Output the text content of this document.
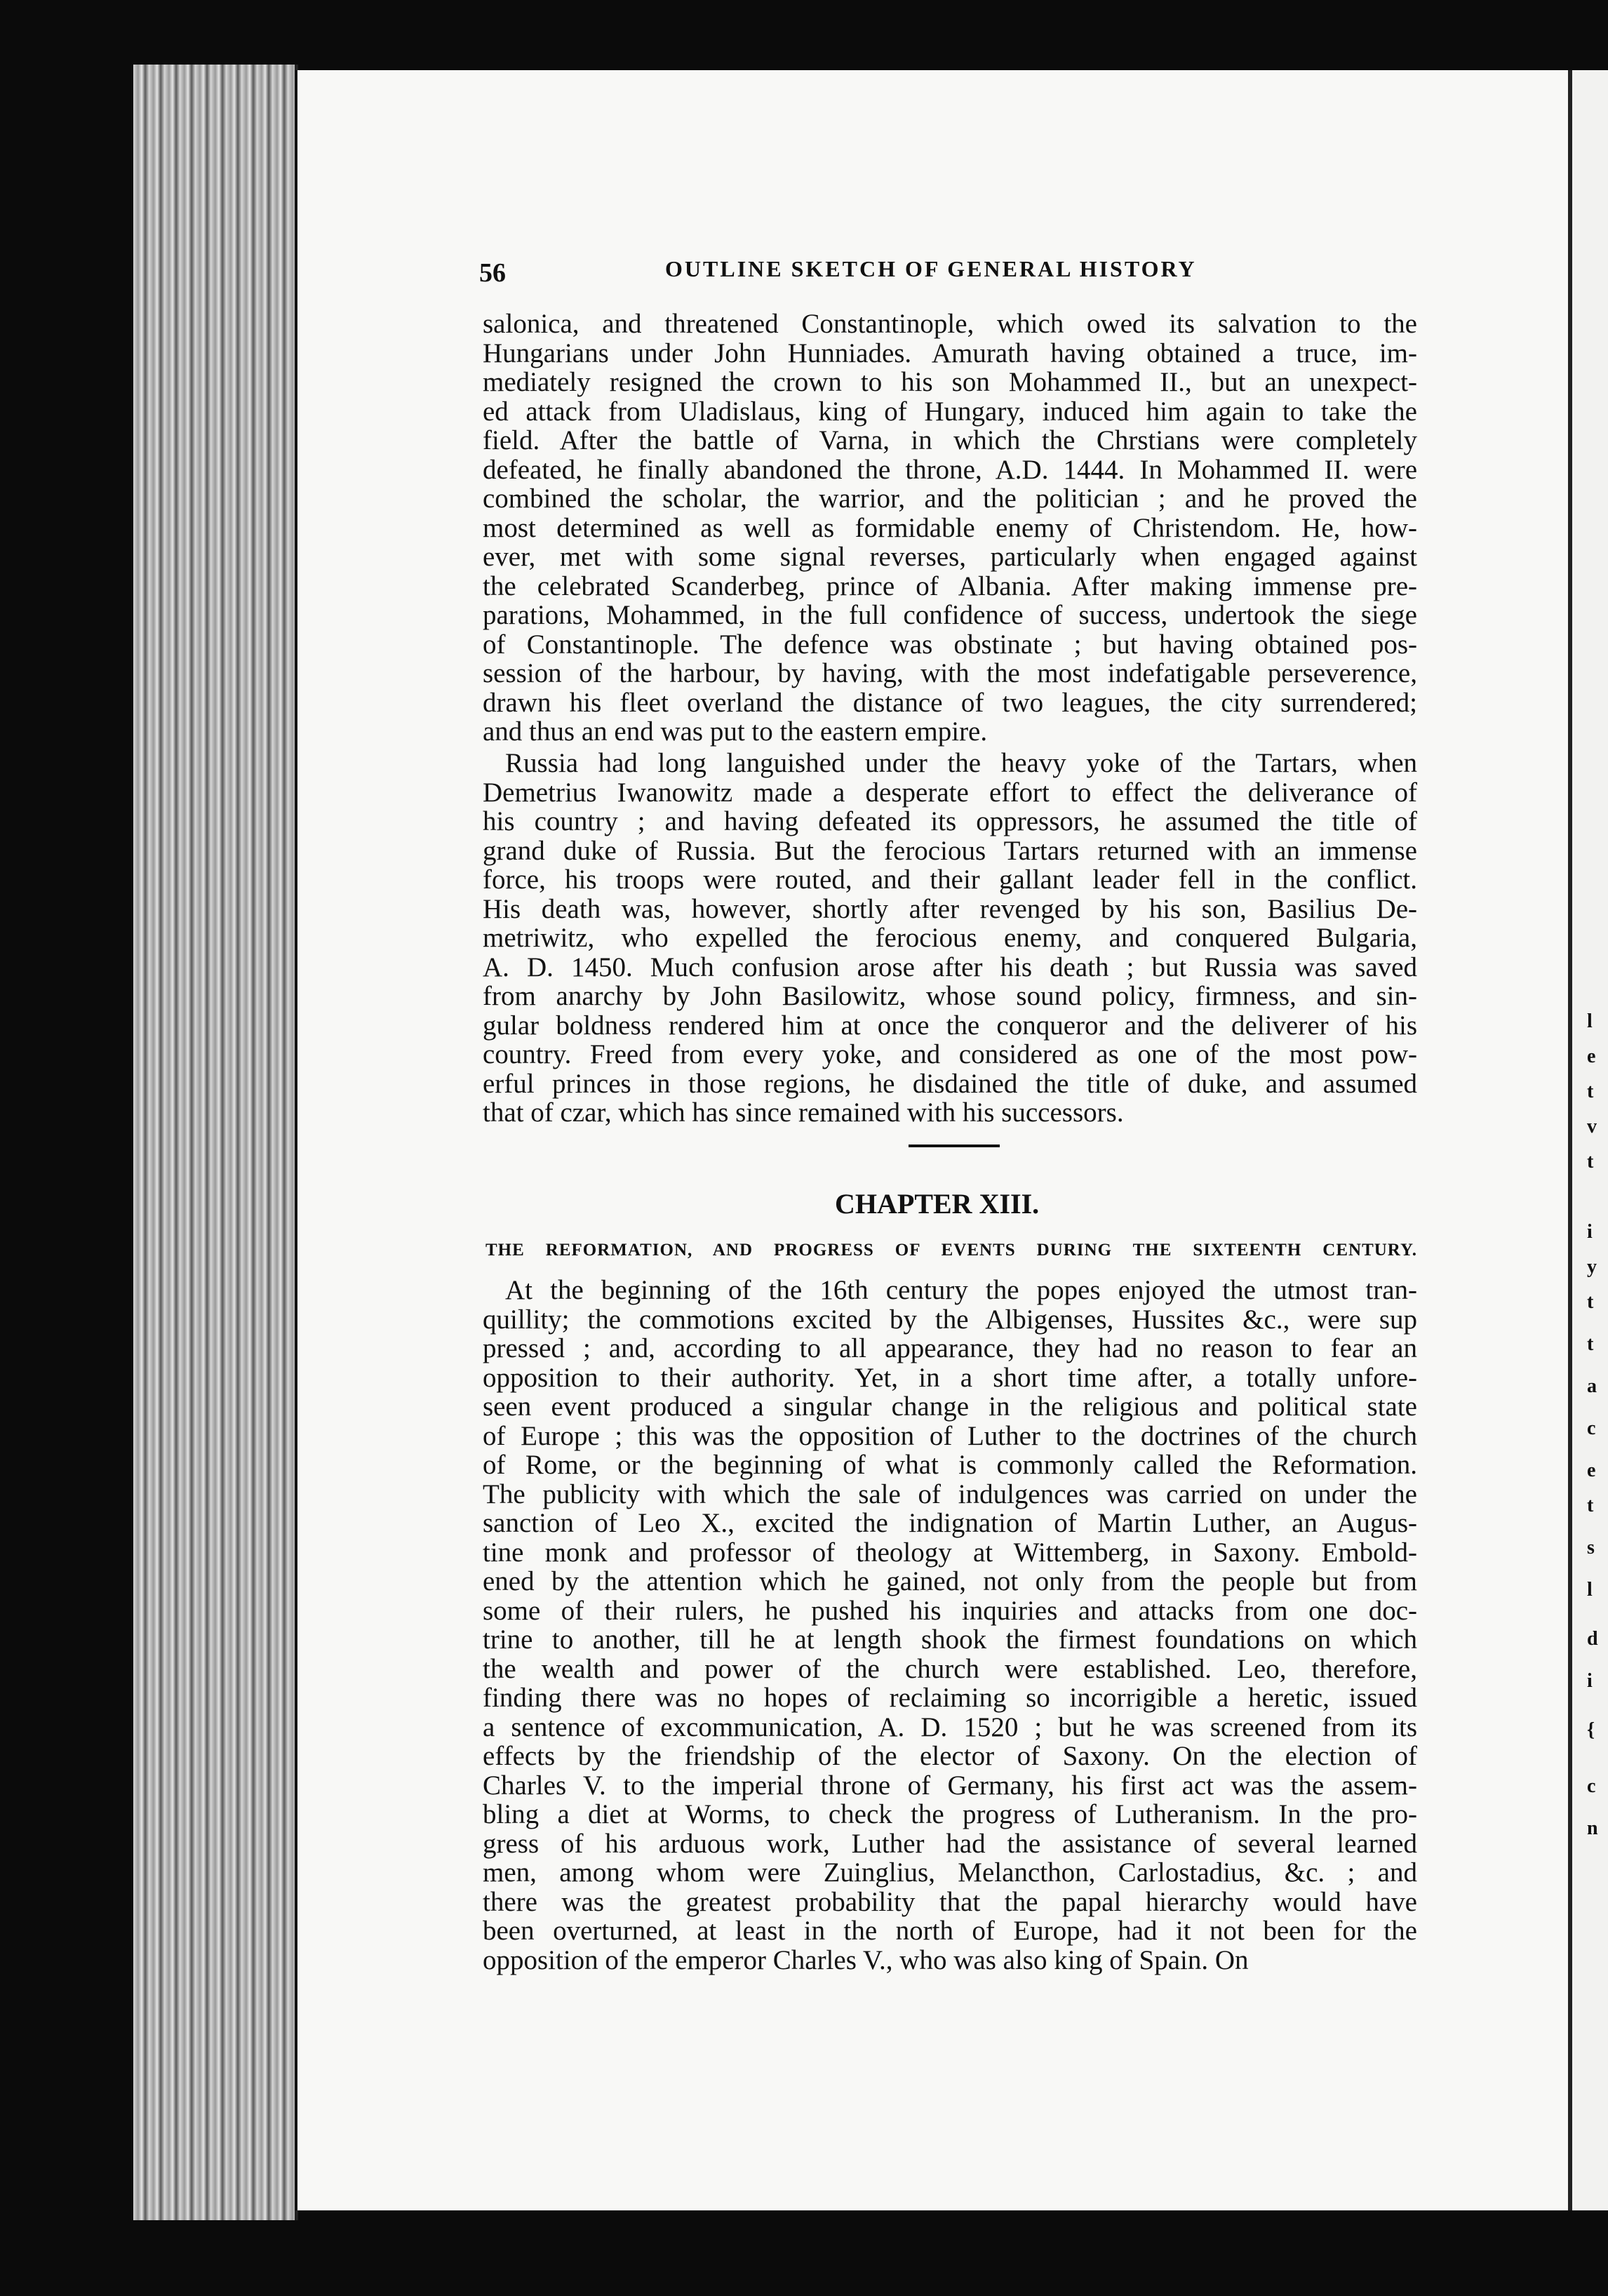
56	OUTLINE SKETCH OF GENERAL HISTORY

salonica, and threatened Constantinople, which owed its salvation to the
Hungarians under John Hunniades. Amurath having obtained a truce, im-
mediately resigned the crown to his son Mohammed II., but an unexpect-
ed attack from Uladislaus, king of Hungary, induced him again to take the
field. After the battle of Varna, in which the Chrstians were completely
defeated, he finally abandoned the throne, A.D. 1444. In Mohammed II. were
combined the scholar, the warrior, and the politician ; and he proved the
most determined as well as formidable enemy of Christendom. He, how-
ever, met with some signal reverses, particularly when engaged against
the celebrated Scanderbeg, prince of Albania. After making immense pre-
parations, Mohammed, in the full confidence of success, undertook the siege
of Constantinople. The defence was obstinate ; but having obtained pos-
session of the harbour, by having, with the most indefatigable perseverence,
drawn his fleet overland the distance of two leagues, the city surrendered;
and thus an end was put to the eastern empire.
Russia had long languished under the heavy yoke of the Tartars, when
Demetrius Iwanowitz made a desperate effort to effect the deliverance of
his country ; and having defeated its oppressors, he assumed the title of
grand duke of Russia. But the ferocious Tartars returned with an immense
force, his troops were routed, and their gallant leader fell in the conflict.
His death was, however, shortly after revenged by his son, Basilius De-
metriwitz, who expelled the ferocious enemy, and conquered Bulgaria,
A. D. 1450. Much confusion arose after his death ; but Russia was saved
from anarchy by John Basilowitz, whose sound policy, firmness, and sin-
gular boldness rendered him at once the conqueror and the deliverer of his
country. Freed from every yoke, and considered as one of the most pow-
erful princes in those regions, he disdained the title of duke, and assumed
that of czar, which has since remained with his successors.

CHAPTER XIII.

THE REFORMATION, AND PROGRESS OF EVENTS DURING THE SIXTEENTH CENTURY.

At the beginning of the 16th century the popes enjoyed the utmost tran-
quillity; the commotions excited by the Albigenses, Hussites &c., were sup
pressed ; and, according to all appearance, they had no reason to fear an
opposition to their authority. Yet, in a short time after, a totally unfore-
seen event produced a singular change in the religious and political state
of Europe ; this was the opposition of Luther to the doctrines of the church
of Rome, or the beginning of what is commonly called the Reformation.
The publicity with which the sale of indulgences was carried on under the
sanction of Leo X., excited the indignation of Martin Luther, an Augus-
tine monk and professor of theology at Wittemberg, in Saxony. Embold-
ened by the attention which he gained, not only from the people but from
some of their rulers, he pushed his inquiries and attacks from one doc-
trine to another, till he at length shook the firmest foundations on which
the wealth and power of the church were established. Leo, therefore,
finding there was no hopes of reclaiming so incorrigible a heretic, issued
a sentence of excommunication, A. D. 1520 ; but he was screened from its
effects by the friendship of the elector of Saxony. On the election of
Charles V. to the imperial throne of Germany, his first act was the assem-
bling a diet at Worms, to check the progress of Lutheranism. In the pro-
gress of his arduous work, Luther had the assistance of several learned
men, among whom were Zuinglius, Melancthon, Carlostadius, &c. ; and
there was the greatest probability that the papal hierarchy would have
been overturned, at least in the north of Europe, had it not been for the
opposition of the emperor Charles V., who was also king of Spain. On
l
e
t
v
t
i
y
t
t
a
c
e
t
s
l
d
i
{
c
n
